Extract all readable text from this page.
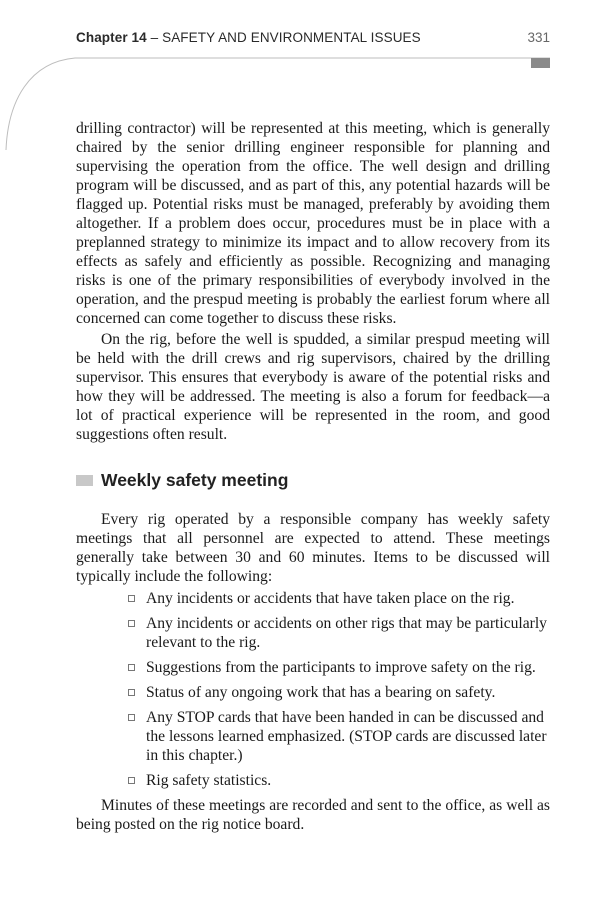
Chapter 14 – SAFETY AND ENVIRONMENTAL ISSUES	331

drilling contractor) will be represented at this meeting, which is generally chaired by the senior drilling engineer responsible for planning and supervising the operation from the office. The well design and drilling program will be discussed, and as part of this, any potential hazards will be flagged up. Potential risks must be managed, preferably by avoiding them altogether. If a problem does occur, procedures must be in place with a preplanned strategy to minimize its impact and to allow recovery from its effects as safely and efficiently as possible. Recognizing and managing risks is one of the primary responsibilities of everybody involved in the operation, and the prespud meeting is probably the earliest forum where all concerned can come together to discuss these risks.

On the rig, before the well is spudded, a similar prespud meeting will be held with the drill crews and rig supervisors, chaired by the drilling supervisor. This ensures that everybody is aware of the potential risks and how they will be addressed. The meeting is also a forum for feedback—a lot of practical experience will be represented in the room, and good suggestions often result.

Weekly safety meeting

Every rig operated by a responsible company has weekly safety meetings that all personnel are expected to attend. These meetings generally take between 30 and 60 minutes. Items to be discussed will typically include the following:

Any incidents or accidents that have taken place on the rig.
Any incidents or accidents on other rigs that may be particularly relevant to the rig.
Suggestions from the participants to improve safety on the rig.
Status of any ongoing work that has a bearing on safety.
Any STOP cards that have been handed in can be discussed and the lessons learned emphasized. (STOP cards are discussed later in this chapter.)
Rig safety statistics.

Minutes of these meetings are recorded and sent to the office, as well as being posted on the rig notice board.
